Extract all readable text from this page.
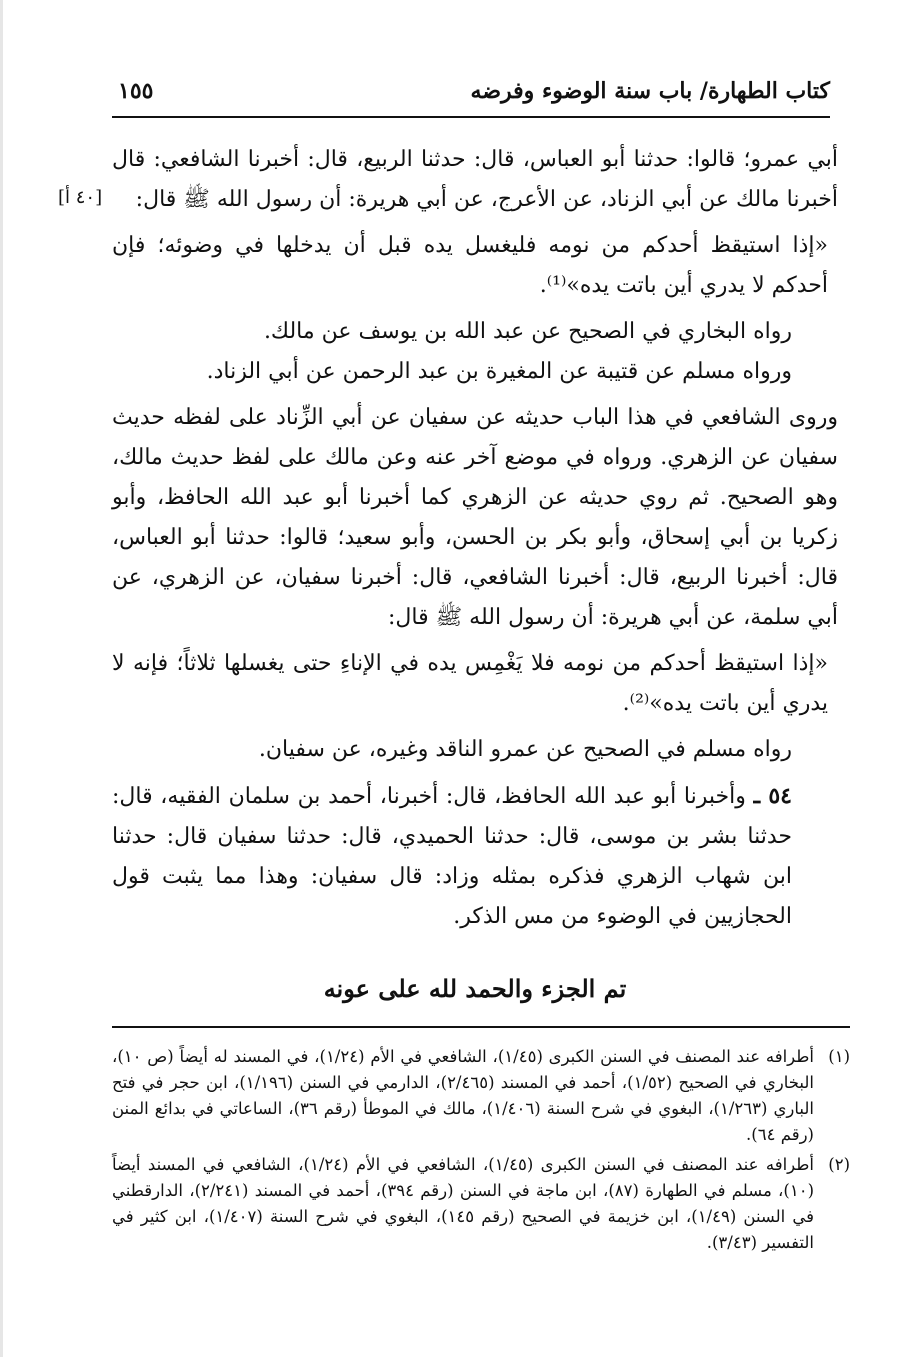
كتاب الطهارة/ باب سنة الوضوء وفرضه
١٥٥
[٤٠ أ]

أبي عمرو؛ قالوا: حدثنا أبو العباس، قال: حدثنا الربيع، قال: أخبرنا الشافعي: قال أخبرنا مالك عن أبي الزناد، عن الأعرج، عن أبي هريرة: أن رسول الله ﷺ قال:

«إذا استيقظ أحدكم من نومه فليغسل يده قبل أن يدخلها في وضوئه؛ فإن أحدكم لا يدري أين باتت يده»⁽¹⁾.

رواه البخاري في الصحيح عن عبد الله بن يوسف عن مالك.

ورواه مسلم عن قتيبة عن المغيرة بن عبد الرحمن عن أبي الزناد.

وروى الشافعي في هذا الباب حديثه عن سفيان عن أبي الزِّناد على لفظه حديث سفيان عن الزهري. ورواه في موضع آخر عنه وعن مالك على لفظ حديث مالك، وهو الصحيح. ثم روي حديثه عن الزهري كما أخبرنا أبو عبد الله الحافظ، وأبو زكريا بن أبي إسحاق، وأبو بكر بن الحسن، وأبو سعيد؛ قالوا: حدثنا أبو العباس، قال: أخبرنا الربيع، قال: أخبرنا الشافعي، قال: أخبرنا سفيان، عن الزهري، عن أبي سلمة، عن أبي هريرة: أن رسول الله ﷺ قال:

«إذا استيقظ أحدكم من نومه فلا يَغْمِس يده في الإناءِ حتى يغسلها ثلاثاً؛ فإنه لا يدري أين باتت يده»⁽²⁾.

رواه مسلم في الصحيح عن عمرو الناقد وغيره، عن سفيان.

٥٤ ـ وأخبرنا أبو عبد الله الحافظ، قال: أخبرنا، أحمد بن سلمان الفقيه، قال: حدثنا بشر بن موسى، قال: حدثنا الحميدي، قال: حدثنا سفيان قال: حدثنا ابن شهاب الزهري فذكره بمثله وزاد: قال سفيان: وهذا مما يثبت قول الحجازيين في الوضوء من مس الذكر.

تم الجزء والحمد لله على عونه
(١)
أطرافه عند المصنف في السنن الكبرى (١/٤٥)، الشافعي في الأم (١/٢٤)، في المسند له أيضاً (ص ١٠)، البخاري في الصحيح (١/٥٢)، أحمد في المسند (٢/٤٦٥)، الدارمي في السنن (١/١٩٦)، ابن حجر في فتح الباري (١/٢٦٣)، البغوي في شرح السنة (١/٤٠٦)، مالك في الموطأ (رقم ٣٦)، الساعاتي في بدائع المنن (رقم ٦٤).
(٢)
أطرافه عند المصنف في السنن الكبرى (١/٤٥)، الشافعي في الأم (١/٢٤)، الشافعي في المسند أيضاً (١٠)، مسلم في الطهارة (٨٧)، ابن ماجة في السنن (رقم ٣٩٤)، أحمد في المسند (٢/٢٤١)، الدارقطني في السنن (١/٤٩)، ابن خزيمة في الصحيح (رقم ١٤٥)، البغوي في شرح السنة (١/٤٠٧)، ابن كثير في التفسير (٣/٤٣).
